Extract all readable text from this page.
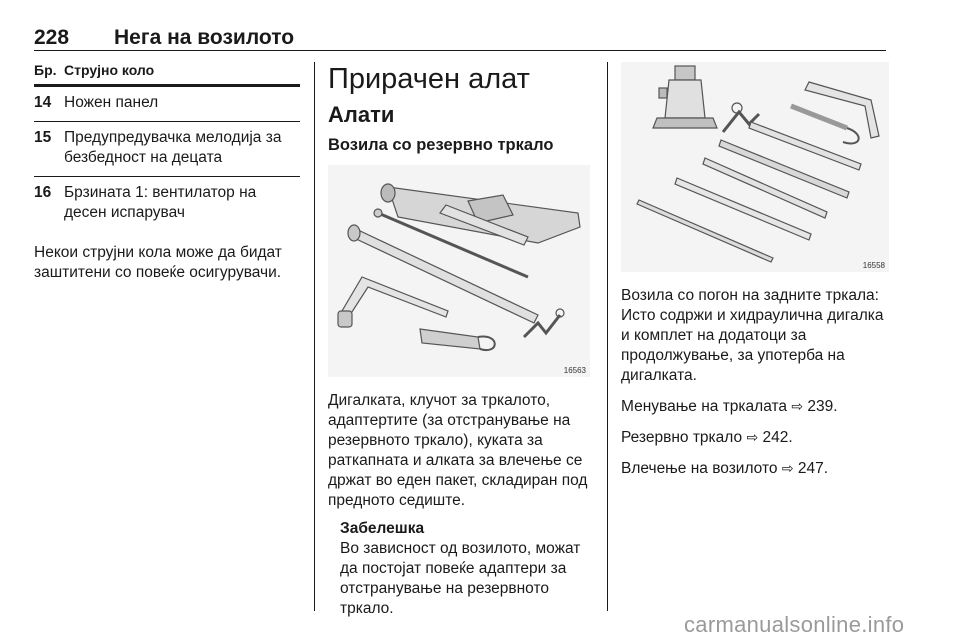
228 Нега на возилото
Бр. Струјно коло
14 Ножен панел
15 Предупредувачка мелодија за безбедност на децата
16 Брзината 1: вентилатор на десен испарувач
Некои струјни кола може да бидат заштитени со повеќе осигурувачи.
Прирачен алат
Алати
Возила со резервно тркало
16563
Дигалката, клучот за тркалото, адаптертите (за отстранување на резервното тркало), куката за раткапната и алката за влечење се држат во еден пакет, складиран под предното седиште.
Забелешка
Во зависност од возилото, можат да постојат повеќе адаптери за отстранување на резервното тркало.
16558
Возила со погон на задните тркала: Исто содржи и хидраулична дигалка и комплет на додатоци за продолжување, за употерба на дигалката.
Менување на тркалата ⇨ 239.
Резервно тркало ⇨ 242.
Влечење на возилото ⇨ 247.
carmanualsonline.info
